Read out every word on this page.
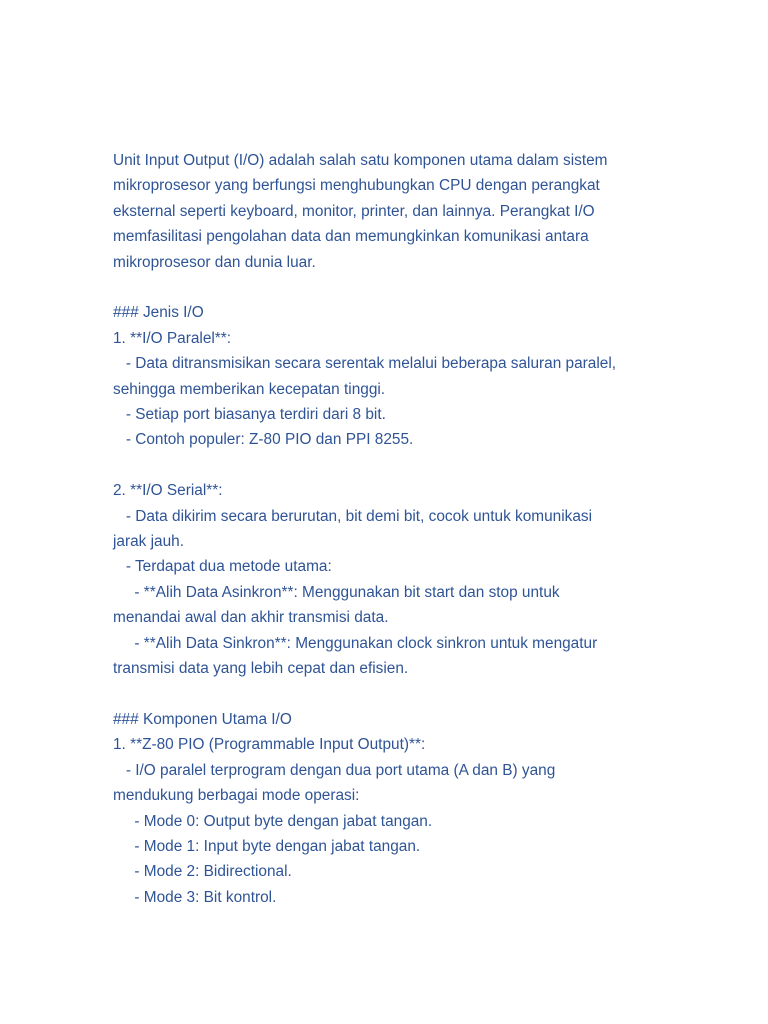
Unit Input Output (I/O) adalah salah satu komponen utama dalam sistem
mikroprosesor yang berfungsi menghubungkan CPU dengan perangkat
eksternal seperti keyboard, monitor, printer, dan lainnya. Perangkat I/O
memfasilitasi pengolahan data dan memungkinkan komunikasi antara
mikroprosesor dan dunia luar.
### Jenis I/O
1. **I/O Paralel**:
- Data ditransmisikan secara serentak melalui beberapa saluran paralel,
sehingga memberikan kecepatan tinggi.
- Setiap port biasanya terdiri dari 8 bit.
- Contoh populer: Z-80 PIO dan PPI 8255.
2. **I/O Serial**:
- Data dikirim secara berurutan, bit demi bit, cocok untuk komunikasi
jarak jauh.
- Terdapat dua metode utama:
- **Alih Data Asinkron**: Menggunakan bit start dan stop untuk
menandai awal dan akhir transmisi data.
- **Alih Data Sinkron**: Menggunakan clock sinkron untuk mengatur
transmisi data yang lebih cepat dan efisien.
### Komponen Utama I/O
1. **Z-80 PIO (Programmable Input Output)**:
- I/O paralel terprogram dengan dua port utama (A dan B) yang
mendukung berbagai mode operasi:
- Mode 0: Output byte dengan jabat tangan.
- Mode 1: Input byte dengan jabat tangan.
- Mode 2: Bidirectional.
- Mode 3: Bit kontrol.
